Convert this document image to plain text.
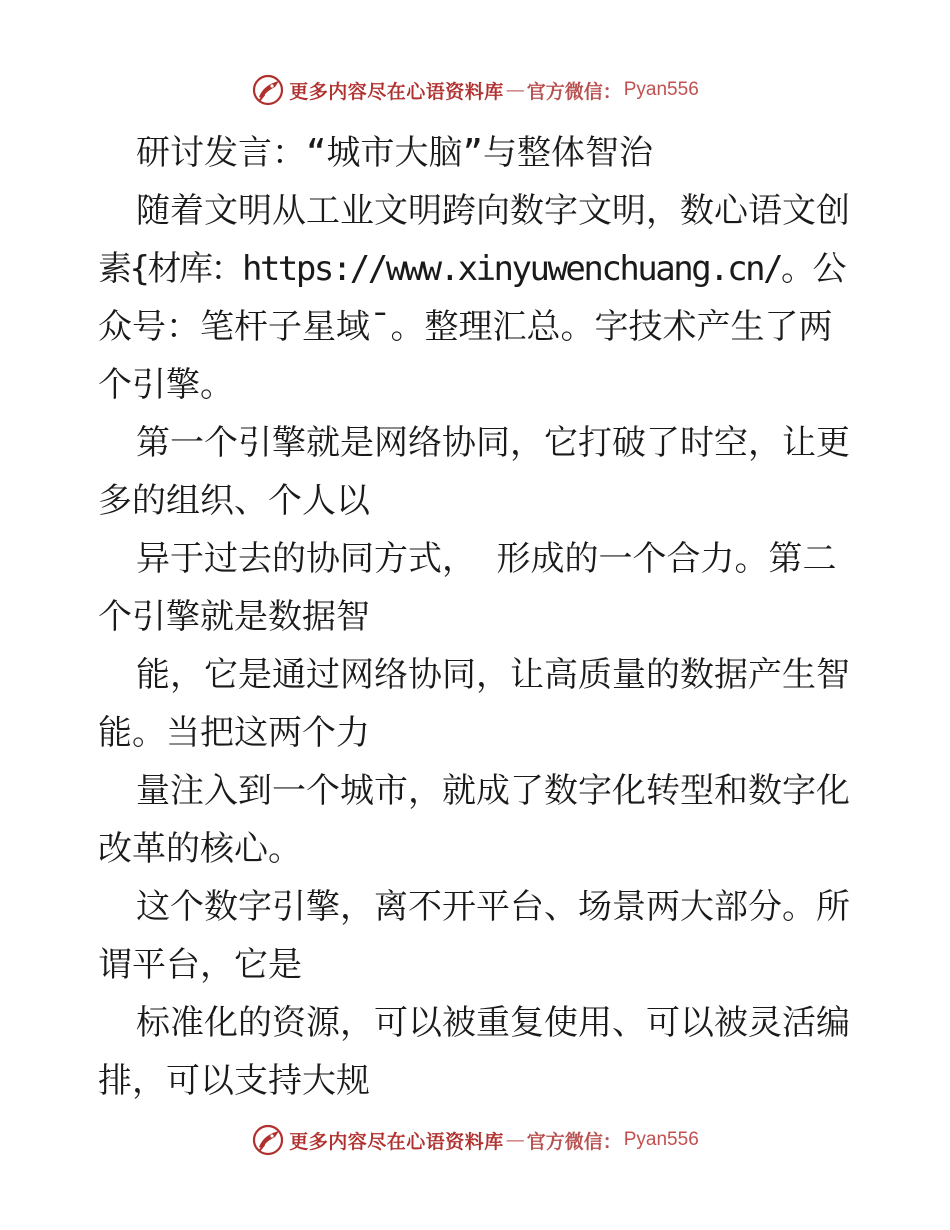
更多内容尽在心语资料库 — 官方微信： Pyan556
研讨发言：“城市大脑”与整体智治
随着文明从工业文明跨向数字文明，数心语文创
素{材库：https://www.xinyuwenchuang.cn/。公
众号：笔杆子星域¯。整理汇总。字技术产生了两
个引擎。
第一个引擎就是网络协同，它打破了时空，让更
多的组织、个人以
异于过去的协同方式， 形成的一个合力。第二
个引擎就是数据智
能，它是通过网络协同，让高质量的数据产生智
能。当把这两个力
量注入到一个城市，就成了数字化转型和数字化
改革的核心。
这个数字引擎，离不开平台、场景两大部分。所
谓平台，它是
标准化的资源，可以被重复使用、可以被灵活编
排，可以支持大规
更多内容尽在心语资料库 — 官方微信： Pyan556
